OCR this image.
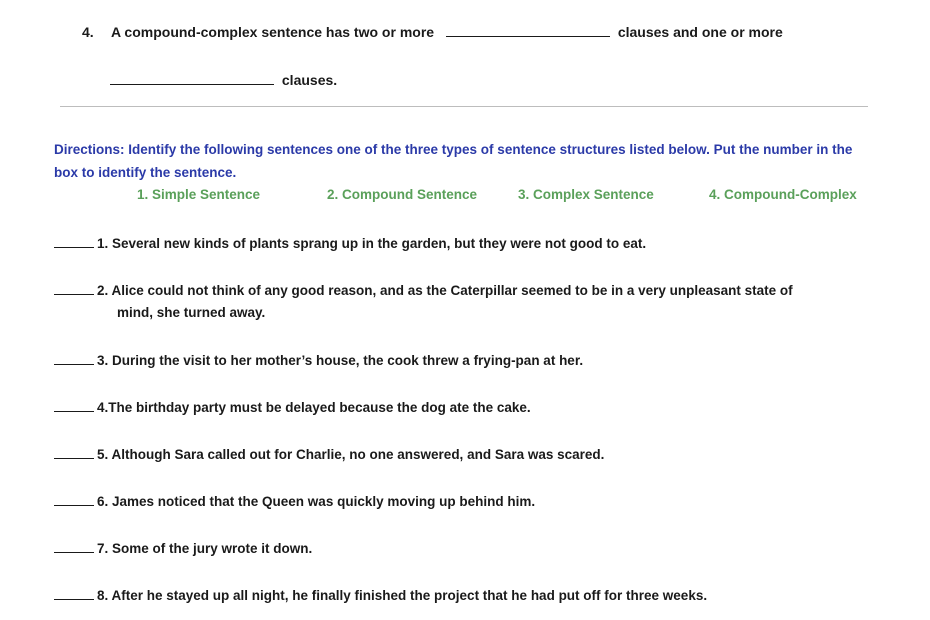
4. A compound-complex sentence has two or more	clauses and one or more
clauses.
Directions: Identify the following sentences one of the three types of sentence structures listed below. Put the number in the box to identify the sentence.
1. Simple Sentence	2. Compound Sentence	3. Complex Sentence	4. Compound-Complex
1. Several new kinds of plants sprang up in the garden, but they were not good to eat.
2. Alice could not think of any good reason, and as the Caterpillar seemed to be in a very unpleasant state of
mind, she turned away.
3. During the visit to her mother’s house, the cook threw a frying-pan at her.
4.The birthday party must be delayed because the dog ate the cake.
5. Although Sara called out for Charlie, no one answered, and Sara was scared.
6. James noticed that the Queen was quickly moving up behind him.
7. Some of the jury wrote it down.
8. After he stayed up all night, he finally finished the project that he had put off for three weeks.
